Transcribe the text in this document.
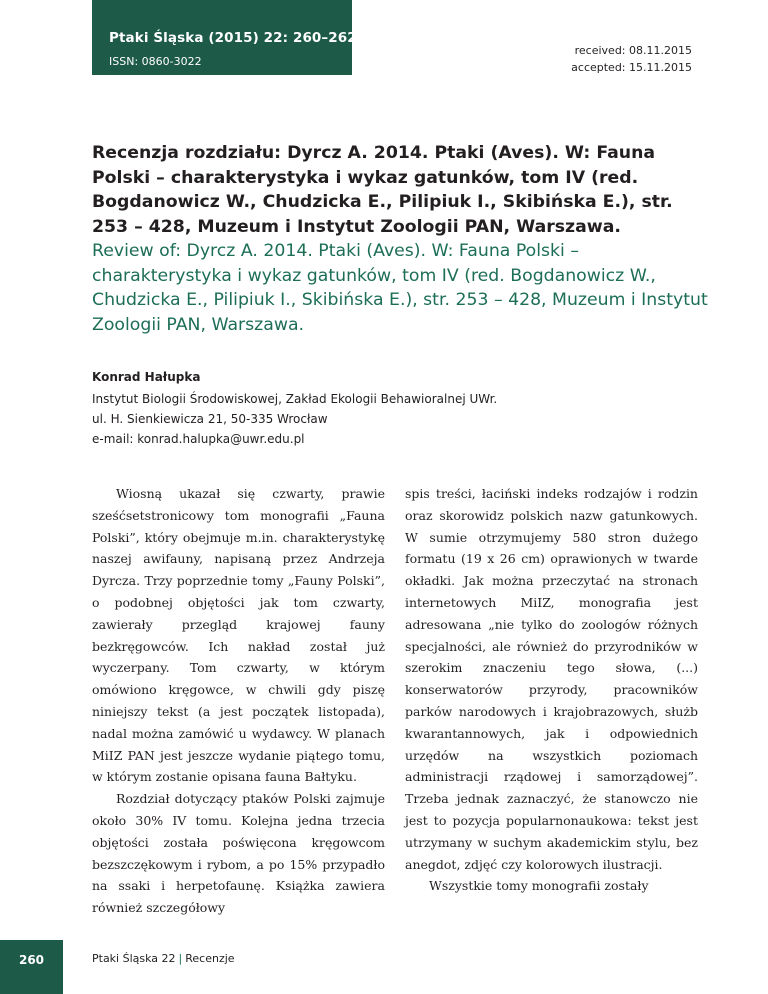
Ptaki Śląska (2015) 22: 260–262
ISSN: 0860-3022
received: 08.11.2015
accepted: 15.11.2015

Recenzja rozdziału: Dyrcz A. 2014. Ptaki (Aves). W: Fauna Polski – charakterystyka i wykaz gatunków, tom IV (red. Bogdanowicz W., Chudzicka E., Pilipiuk I., Skibińska E.), str. 253 – 428, Muzeum i Instytut Zoologii PAN, Warszawa.

Review of: Dyrcz A. 2014. Ptaki (Aves). W: Fauna Polski – charakterystyka i wykaz gatunków, tom IV (red. Bogdanowicz W., Chudzicka E., Pilipiuk I., Skibińska E.), str. 253 – 428, Muzeum i Instytut Zoologii PAN, Warszawa.

Konrad Hałupka
Instytut Biologii Środowiskowej, Zakład Ekologii Behawioralnej UWr.
ul. H. Sienkiewicza 21, 50-335 Wrocław
e-mail: konrad.halupka@uwr.edu.pl

Wiosną ukazał się czwarty, prawie sześćsetstronicowy tom monografii „Fauna Polski”, który obejmuje m.in. charakterystykę naszej awifauny, napisaną przez Andrzeja Dyrcza. Trzy poprzednie tomy „Fauny Polski”, o podobnej objętości jak tom czwarty, zawierały przegląd krajowej fauny bezkręgowców. Ich nakład został już wyczerpany. Tom czwarty, w którym omówiono kręgowce, w chwili gdy piszę niniejszy tekst (a jest początek listopada), nadal można zamówić u wydawcy. W planach MiIZ PAN jest jeszcze wydanie piątego tomu, w którym zostanie opisana fauna Bałtyku.

Rozdział dotyczący ptaków Polski zajmuje około 30% IV tomu. Kolejna jedna trzecia objętości została poświęcona kręgowcom bezszczękowym i rybom, a po 15% przypadło na ssaki i herpetofaunę. Książka zawiera również szczegółowy

spis treści, łaciński indeks rodzajów i rodzin oraz skorowidz polskich nazw gatunkowych. W sumie otrzymujemy 580 stron dużego formatu (19 x 26 cm) oprawionych w twarde okładki. Jak można przeczytać na stronach internetowych MiIZ, monografia jest adresowana „nie tylko do zoologów różnych specjalności, ale również do przyrodników w szerokim znaczeniu tego słowa, (...) konserwatorów przyrody, pracowników parków narodowych i krajobrazowych, służb kwarantannowych, jak i odpowiednich urzędów na wszystkich poziomach administracji rządowej i samorządowej”. Trzeba jednak zaznaczyć, że stanowczo nie jest to pozycja popularnonaukowa: tekst jest utrzymany w suchym akademickim stylu, bez anegdot, zdjęć czy kolorowych ilustracji.

Wszystkie tomy monografii zostały

260	Ptaki Śląska 22 | Recenzje
